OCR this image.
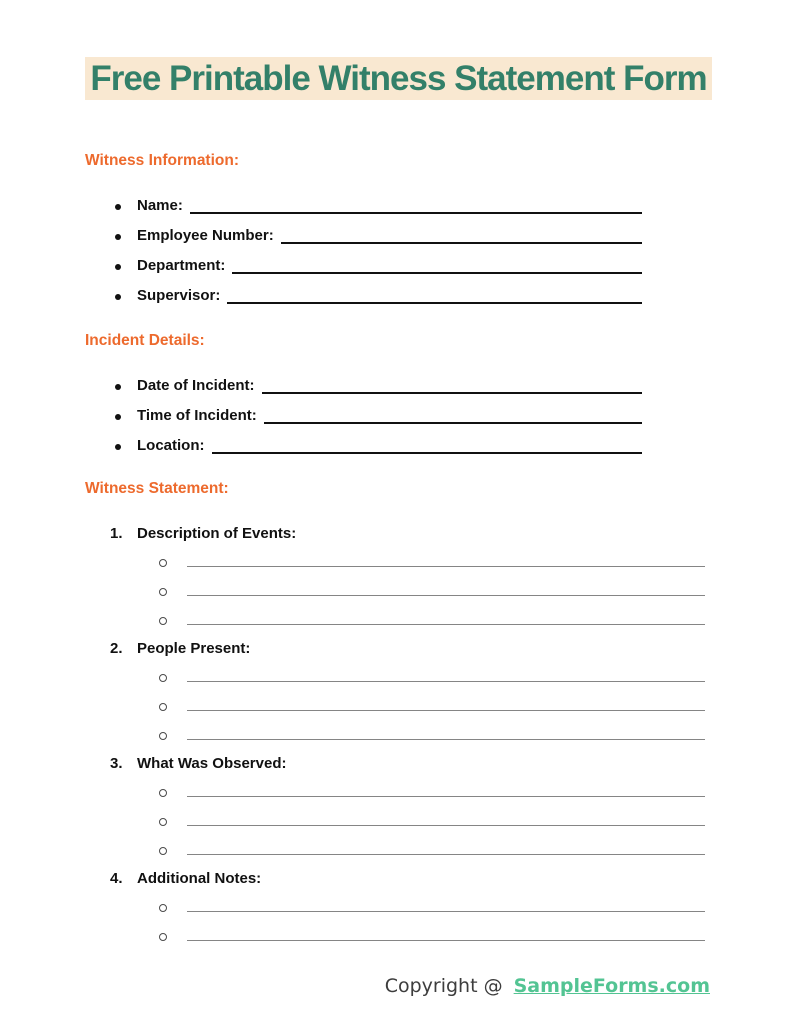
Free Printable Witness Statement Form
Witness Information:
Name:
Employee Number:
Department:
Supervisor:
Incident Details:
Date of Incident:
Time of Incident:
Location:
Witness Statement:
1. Description of Events:
2. People Present:
3. What Was Observed:
4. Additional Notes:
Copyright @ SampleForms.com
